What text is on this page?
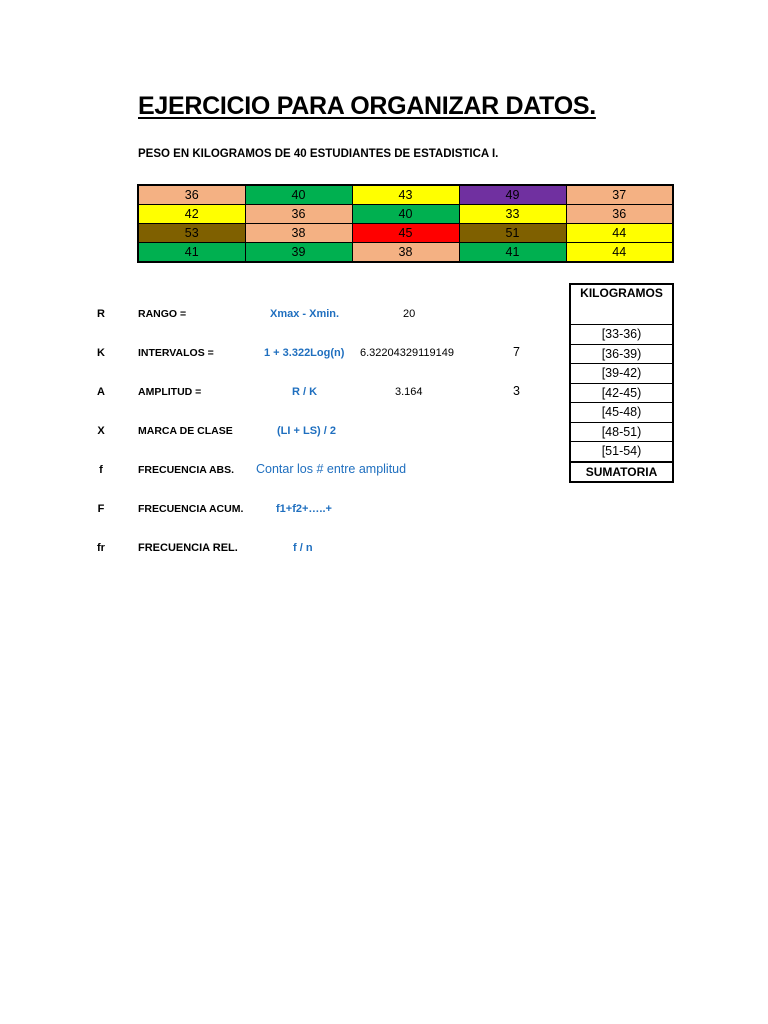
EJERCICIO PARA ORGANIZAR DATOS.
PESO EN KILOGRAMOS DE 40 ESTUDIANTES DE ESTADISTICA I.
36	40	43	49	37
42	36	40	33	36
53	38	45	51	44
41	39	38	41	44
R	RANGO =	Xmax - Xmin.	20
K	INTERVALOS =	1 + 3.322Log(n) 6.32204329119149	7
A	AMPLITUD =	R / K	3.164	3
X	MARCA DE CLASE	(LI + LS) / 2
f	FRECUENCIA ABS. Contar los # entre amplitud
F	FRECUENCIA ACUM.	f1+f2+…..+
fr	FRECUENCIA REL.	f / n
KILOGRAMOS
[33-36)
[36-39)
[39-42)
[42-45)
[45-48)
[48-51)
[51-54)
SUMATORIA
